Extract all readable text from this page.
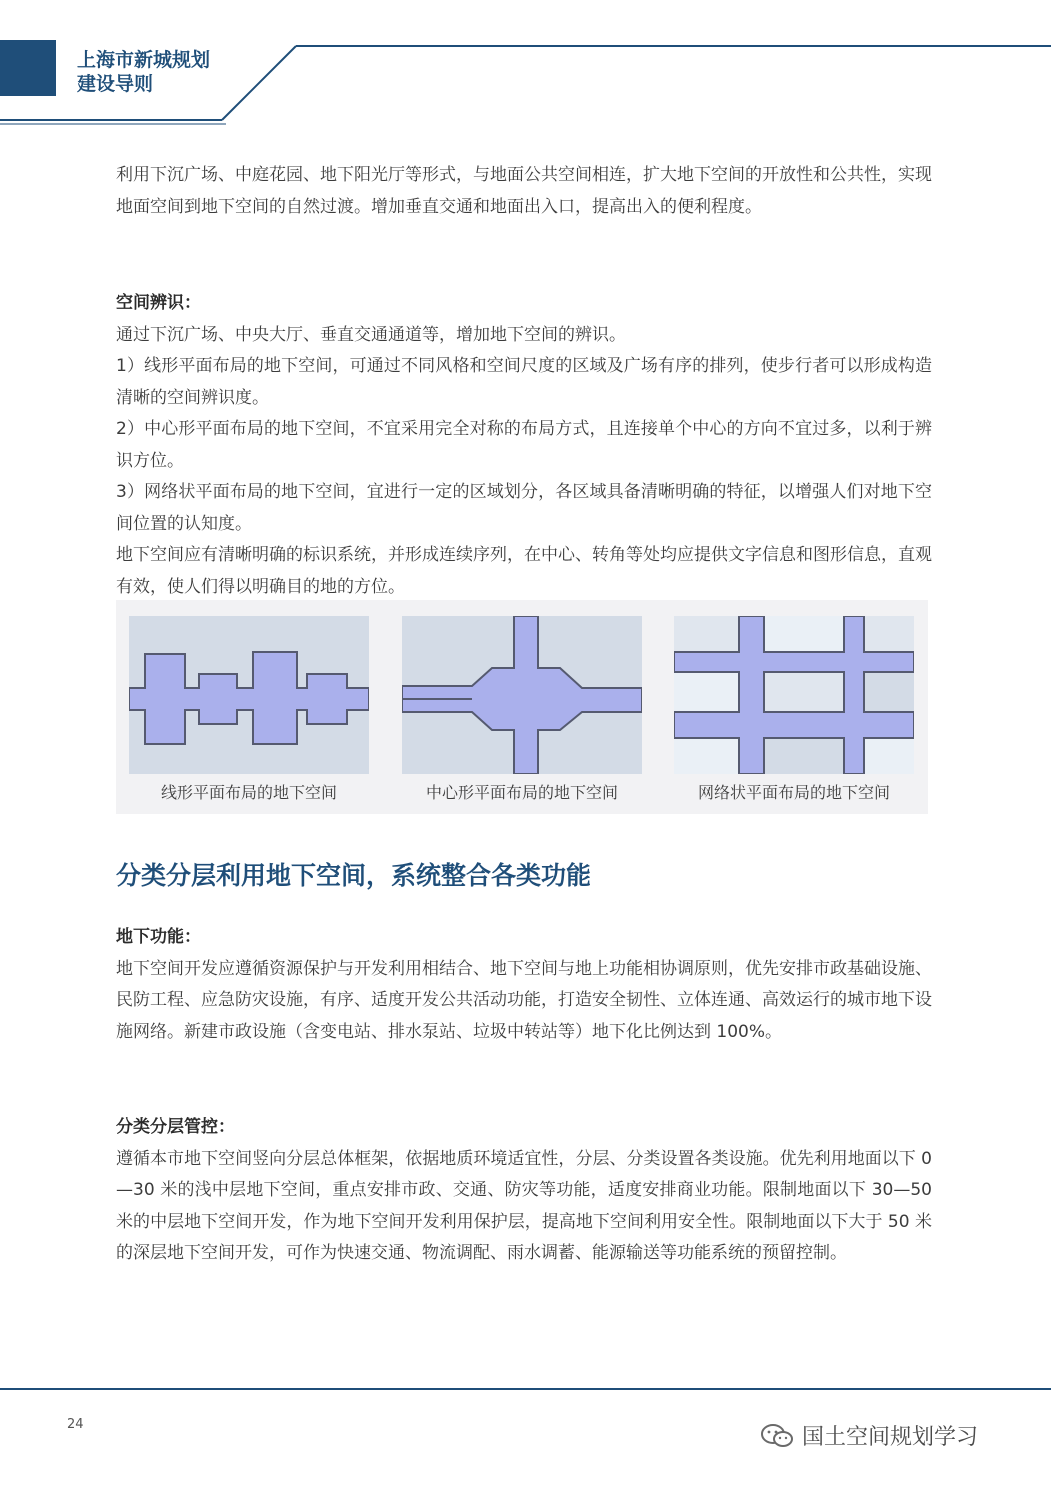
上海市新城规划
建设导则

利用下沉广场、中庭花园、地下阳光厅等形式，与地面公共空间相连，扩大地下空间的开放性和公共性，实现地面空间到地下空间的自然过渡。增加垂直交通和地面出入口，提高出入的便利程度。

空间辨识：

通过下沉广场、中央大厅、垂直交通通道等，增加地下空间的辨识。

1）线形平面布局的地下空间，可通过不同风格和空间尺度的区域及广场有序的排列，使步行者可以形成构造清晰的空间辨识度。

2）中心形平面布局的地下空间，不宜采用完全对称的布局方式，且连接单个中心的方向不宜过多，以利于辨识方位。

3）网络状平面布局的地下空间，宜进行一定的区域划分，各区域具备清晰明确的特征，以增强人们对地下空间位置的认知度。

地下空间应有清晰明确的标识系统，并形成连续序列，在中心、转角等处均应提供文字信息和图形信息，直观有效，使人们得以明确目的地的方位。

线形平面布局的地下空间	中心形平面布局的地下空间	网络状平面布局的地下空间
分类分层利用地下空间，系统整合各类功能

地下功能：

地下空间开发应遵循资源保护与开发利用相结合、地下空间与地上功能相协调原则，优先安排市政基础设施、民防工程、应急防灾设施，有序、适度开发公共活动功能，打造安全韧性、立体连通、高效运行的城市地下设施网络。新建市政设施（含变电站、排水泵站、垃圾中转站等）地下化比例达到 100%。

分类分层管控：

遵循本市地下空间竖向分层总体框架，依据地质环境适宜性，分层、分类设置各类设施。优先利用地面以下 0—30 米的浅中层地下空间，重点安排市政、交通、防灾等功能，适度安排商业功能。限制地面以下 30—50 米的中层地下空间开发，作为地下空间开发利用保护层，提高地下空间利用安全性。限制地面以下大于 50 米的深层地下空间开发，可作为快速交通、物流调配、雨水调蓄、能源输送等功能系统的预留控制。

24
国土空间规划学习
